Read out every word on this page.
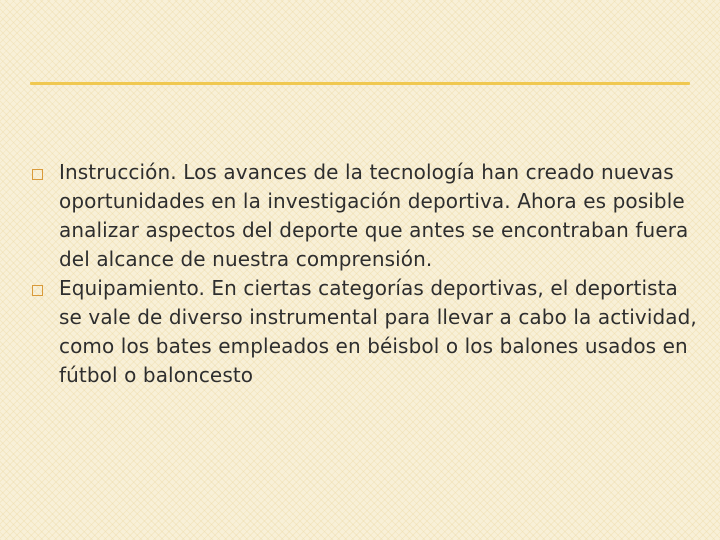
Instrucción. Los avances de la tecnología han creado nuevas oportunidades en la investigación deportiva. Ahora es posible analizar aspectos del deporte que antes se encontraban fuera del alcance de nuestra comprensión.
Equipamiento. En ciertas categorías deportivas, el deportista se vale de diverso instrumental para llevar a cabo la actividad, como los bates empleados en béisbol o los balones usados en fútbol o baloncesto
